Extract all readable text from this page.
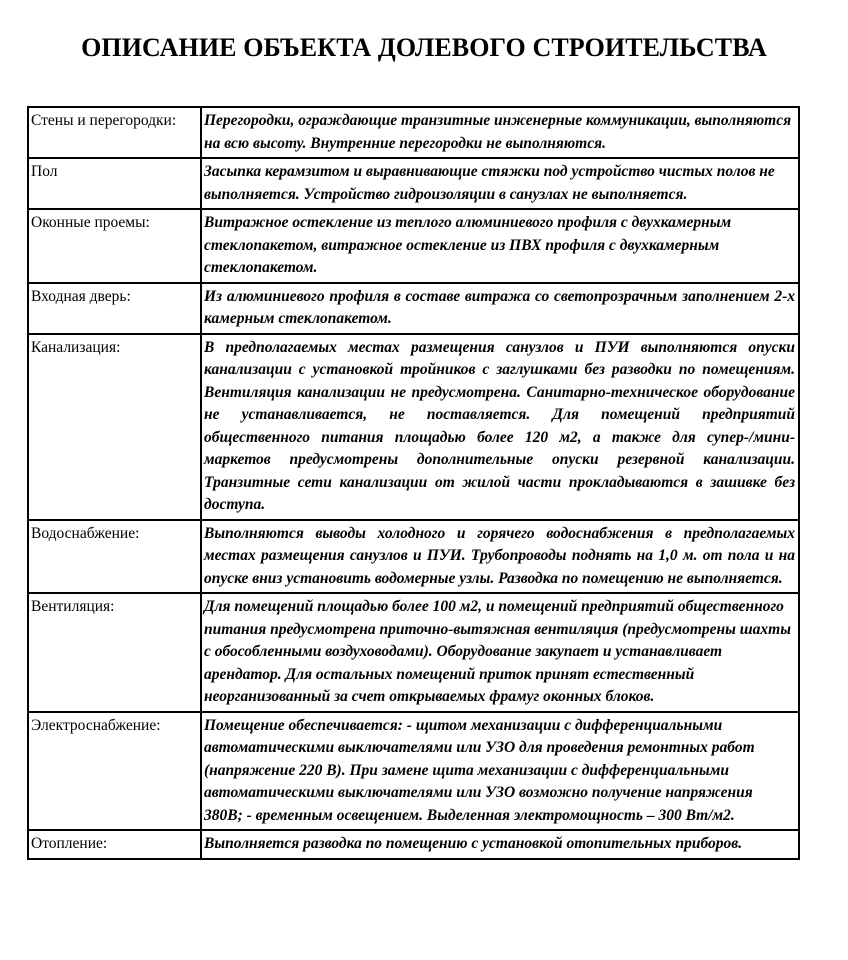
ОПИСАНИЕ ОБЪЕКТА ДОЛЕВОГО СТРОИТЕЛЬСТВА
Стены и перегородки:	Перегородки, ограждающие транзитные инженерные коммуникации, выполняются на всю высоту. Внутренние перегородки не выполняются.
Пол	Засыпка керамзитом и выравнивающие стяжки под устройство чистых полов не выполняется. Устройство гидроизоляции в санузлах не выполняется.
Оконные проемы:	Витражное остекление из теплого алюминиевого профиля с двухкамерным стеклопакетом, витражное остекление из ПВХ профиля с двухкамерным стеклопакетом.
Входная дверь:	Из алюминиевого профиля в составе витража со светопрозрачным заполнением 2-х камерным стеклопакетом.
Канализация:	В предполагаемых местах размещения санузлов и ПУИ выполняются опуски канализации с установкой тройников с заглушками без разводки по помещениям. Вентиляция канализации не предусмотрена. Санитарно-техническое оборудование не устанавливается, не поставляется. Для помещений предприятий общественного питания площадью более 120 м2, а также для супер-/мини-маркетов предусмотрены дополнительные опуски резервной канализации. Транзитные сети канализации от жилой части прокладываются в зашивке без доступа.
Водоснабжение:	Выполняются выводы холодного и горячего водоснабжения в предполагаемых местах размещения санузлов и ПУИ. Трубопроводы поднять на 1,0 м. от пола и на опуске вниз установить водомерные узлы. Разводка по помещению не выполняется.
Вентиляция:	Для помещений площадью более 100 м2, и помещений предприятий общественного питания предусмотрена приточно-вытяжная вентиляция (предусмотрены шахты с обособленными воздуховодами). Оборудование закупает и устанавливает арендатор. Для остальных помещений приток принят естественный неорганизованный за счет открываемых фрамуг оконных блоков.
Электроснабжение:	Помещение обеспечивается: - щитом механизации с дифференциальными автоматическими выключателями или УЗО для проведения ремонтных работ (напряжение 220 В). При замене щита механизации с дифференциальными автоматическими выключателями или УЗО возможно получение напряжения 380В; - временным освещением. Выделенная электромощность – 300 Вт/м2.
Отопление:	Выполняется разводка по помещению с установкой отопительных приборов.
